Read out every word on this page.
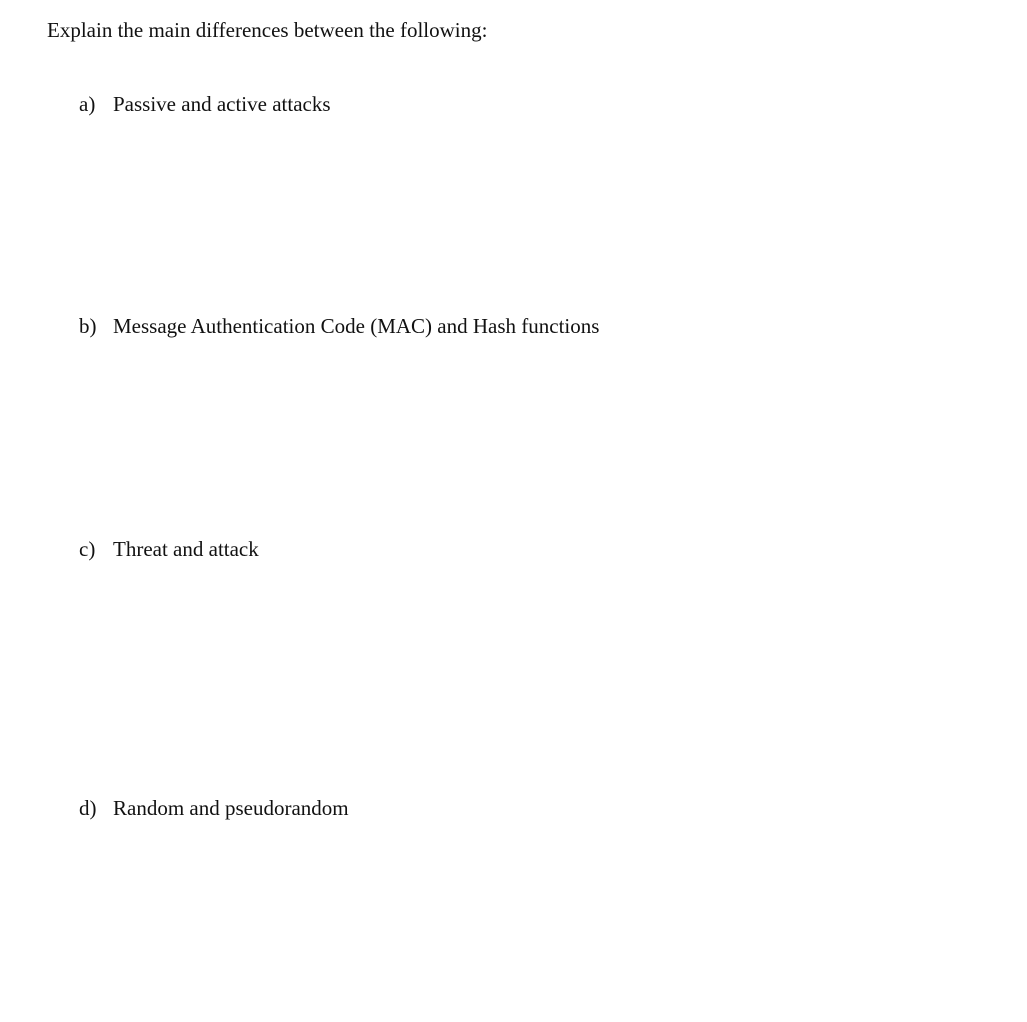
Explain the main differences between the following:
a) Passive and active attacks
b) Message Authentication Code (MAC) and Hash functions
c) Threat and attack
d) Random and pseudorandom
